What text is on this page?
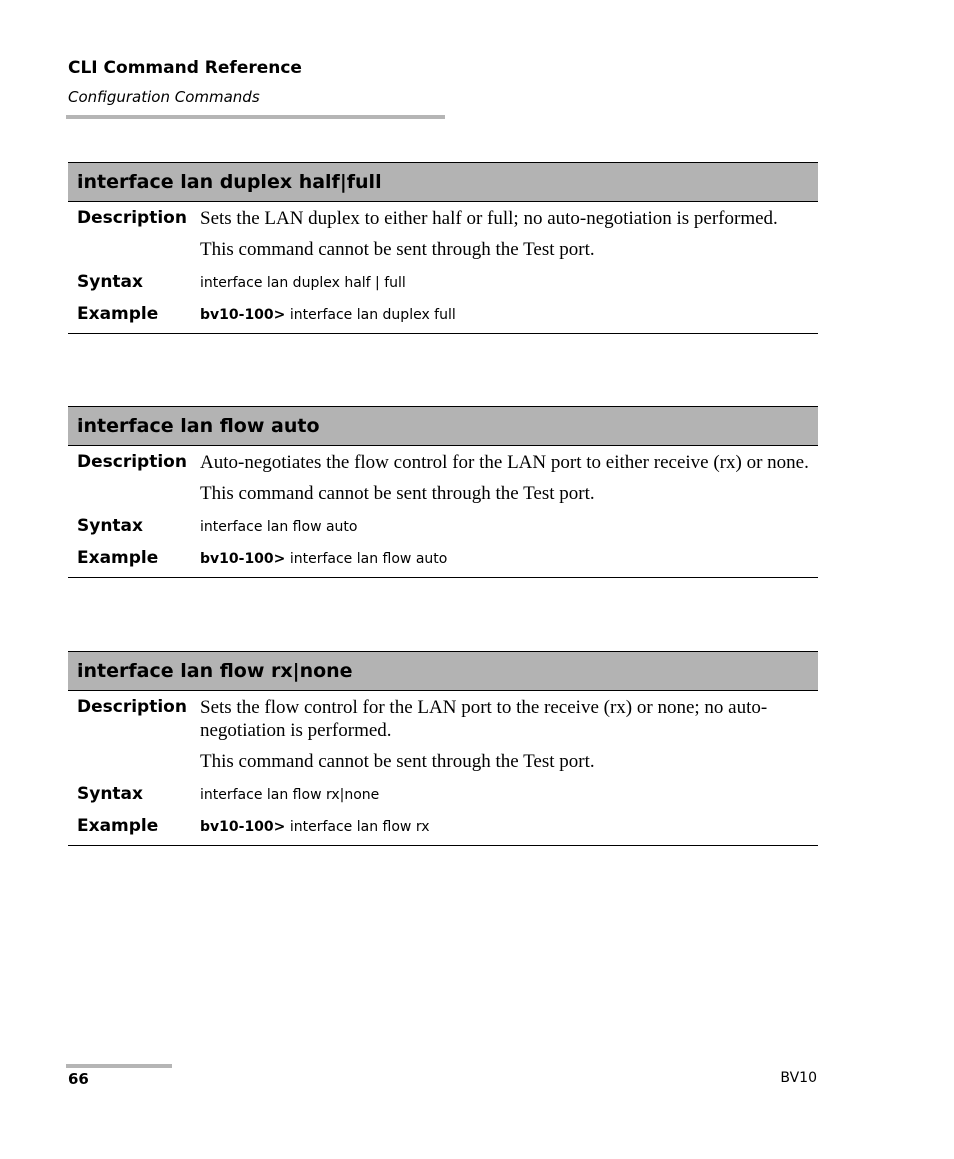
CLI Command Reference
Configuration Commands
interface lan duplex half|full
Description Sets the LAN duplex to either half or full; no auto-negotiation is performed.

This command cannot be sent through the Test port.

Syntax	interface lan duplex half | full
Example	bv10-100> interface lan duplex full
interface lan flow auto
Description Auto-negotiates the flow control for the LAN port to either receive (rx) or none.

This command cannot be sent through the Test port.

Syntax	interface lan flow auto
Example	bv10-100> interface lan flow auto
interface lan flow rx|none
Description Sets the flow control for the LAN port to the receive (rx) or none; no auto-negotiation is performed.

This command cannot be sent through the Test port.

Syntax	interface lan flow rx|none
Example	bv10-100> interface lan flow rx
66	BV10
